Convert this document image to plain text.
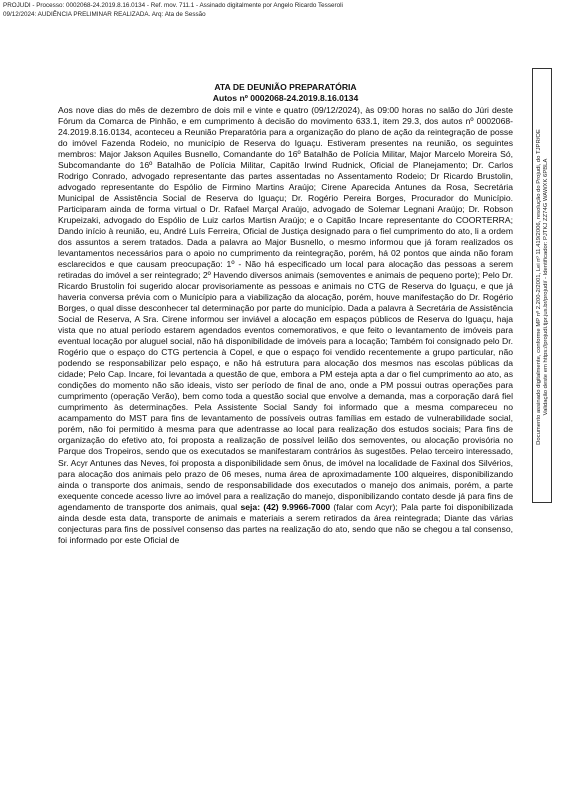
PROJUDI - Processo: 0002068-24.2019.8.16.0134 - Ref. mov. 711.1 - Assinado digitalmente por Angelo Ricardo Tesseroli
09/12/2024: AUDIÊNCIA PRELIMINAR REALIZADA. Arq: Ata de Sessão
Documento assinado digitalmente, conforme MP nº 2.200-2/2001, Lei nº 11.419/2006, resolução do Projudi, do TJPR/OE Validação deste em https://projudi.tjpr.jus.br/projudi/ - Identificador: PJTKJ ZZ74G WAWXK 6PBLA
ATA DE DEUNIÃO PREPARATÓRIA
Autos nº 0002068-24.2019.8.16.0134

Aos nove dias do mês de dezembro de dois mil e vinte e quatro (09/12/2024), às 09:00 horas no salão do Júri deste Fórum da Comarca de Pinhão, e em cumprimento à decisão do movimento 633.1, item 29.3, dos autos nº 0002068-24.2019.8.16.0134, aconteceu a Reunião Preparatória para a organização do plano de ação da reintegração de posse do imóvel Fazenda Rodeio, no município de Reserva do Iguaçu. Estiveram presentes na reunião, os seguintes membros: Major Jakson Aquiles Busnello, Comandante do 16º Batalhão de Polícia Militar, Major Marcelo Moreira Só, Subcomandante do 16º Batalhão de Polícia Militar, Capitão Irwind Rudnick, Oficial de Planejamento; Dr. Carlos Rodrigo Conrado, advogado representante das partes assentadas no Assentamento Rodeio; Dr Ricardo Brustolin, advogado representante do Espólio de Firmino Martins Araújo; Cirene Aparecida Antunes da Rosa, Secretária Municipal de Assistência Social de Reserva do Iguaçu; Dr. Rogério Pereira Borges, Procurador do Município. Participaram ainda de forma virtual o Dr. Rafael Marçal Araújo, advogado de Solemar Legnani Araújo; Dr. Robson Krupeizaki, advogado do Espólio de Luiz carlos Martisn Araújo; e o Capitão Incare representante do COORTERRA; Dando início à reunião, eu, André Luís Ferreira, Oficial de Justiça designado para o fiel cumprimento do ato, li a ordem dos assuntos a serem tratados. Dada a palavra ao Major Busnello, o mesmo informou que já foram realizados os levantamentos necessários para o apoio no cumprimento da reintegração, porém, há 02 pontos que ainda não foram esclarecidos e que causam preocupação: 1º - Não há especificado um local para alocação das pessoas a serem retiradas do imóvel a ser reintegrado; 2º Havendo diversos animais (semoventes e animais de pequeno porte); Pelo Dr. Ricardo Brustolin foi sugerido alocar provisoriamente as pessoas e animais no CTG de Reserva do Iguaçu, e que já haveria conversa prévia com o Município para a viabilização da alocação, porém, houve manifestação do Dr. Rogério Borges, o qual disse desconhecer tal determinação por parte do município. Dada a palavra à Secretária de Assistência Social de Reserva, A Sra. Cirene informou ser inviável a alocação em espaços públicos de Reserva do Iguaçu, haja vista que no atual período estarem agendados eventos comemorativos, e que feito o levantamento de imóveis para eventual locação por aluguel social, não há disponibilidade de imóveis para a locação; Também foi consignado pelo Dr. Rogério que o espaço do CTG pertencia à Copel, e que o espaço foi vendido recentemente a grupo particular, não podendo se responsabilizar pelo espaço, e não há estrutura para alocação dos mesmos nas escolas públicas da cidade; Pelo Cap. Incare, foi levantada a questão de que, embora a PM esteja apta a dar o fiel cumprimento ao ato, as condições do momento não são ideais, visto ser período de final de ano, onde a PM possui outras operações para cumprimento (operação Verão), bem como toda a questão social que envolve a demanda, mas a corporação dará fiel cumprimento às determinações. Pela Assistente Social Sandy foi informado que a mesma compareceu no acampamento do MST para fins de levantamento de possíveis outras famílias em estado de vulnerabilidade social, porém, não foi permitido à mesma para que adentrasse ao local para realização dos estudos sociais; Para fins de organização do efetivo ato, foi proposta a realização de possível leilão dos semoventes, ou alocação provisória no Parque dos Tropeiros, sendo que os executados se manifestaram contrários às sugestões. Pelao terceiro interessado, Sr. Acyr Antunes das Neves, foi proposta a disponibilidade sem ônus, de imóvel na localidade de Faxinal dos Silvérios, para alocação dos animais pelo prazo de 06 meses, numa área de aproximadamente 100 alqueires, disponibilizando ainda o transporte dos animais, sendo de responsabilidade dos executados o manejo dos animais, porém, a parte exequente concede acesso livre ao imóvel para a realização do manejo, disponibilizando contato desde já para fins de agendamento de transporte dos animais, qual seja: (42) 9.9966-7000 (falar com Acyr); Pala parte foi disponibilizada ainda desde esta data, transporte de animais e materiais a serem retirados da área reintegrada; Diante das várias conjecturas para fins de possível consenso das partes na realização do ato, sendo que não se chegou a tal consenso, foi informado por este Oficial de
